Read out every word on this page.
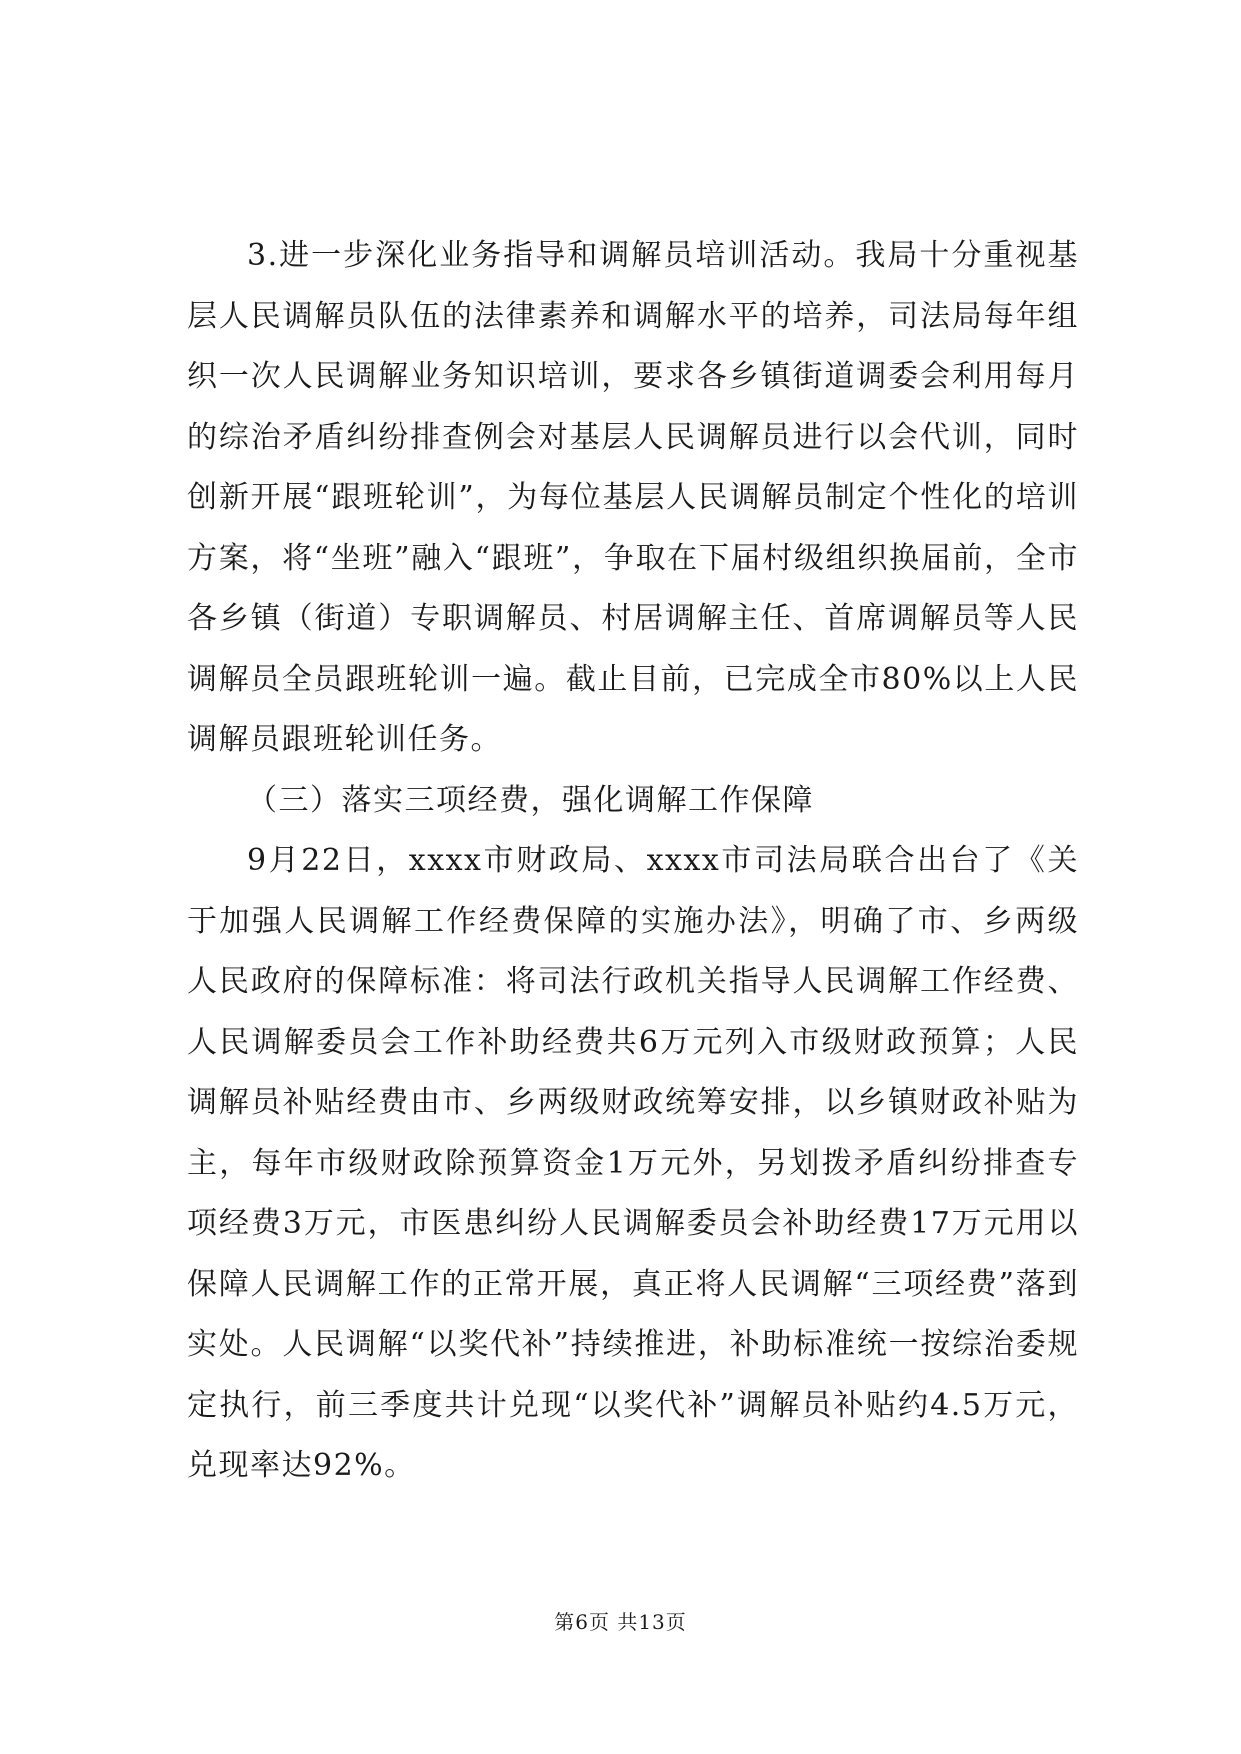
3.进一步深化业务指导和调解员培训活动。我局十分重视基层人民调解员队伍的法律素养和调解水平的培养，司法局每年组织一次人民调解业务知识培训，要求各乡镇街道调委会利用每月的综治矛盾纠纷排查例会对基层人民调解员进行以会代训，同时创新开展“跟班轮训”，为每位基层人民调解员制定个性化的培训方案，将“坐班”融入“跟班”，争取在下届村级组织换届前，全市各乡镇（街道）专职调解员、村居调解主任、首席调解员等人民调解员全员跟班轮训一遍。截止目前，已完成全市80%以上人民调解员跟班轮训任务。

（三）落实三项经费，强化调解工作保障

9月22日，xxxx市财政局、xxxx市司法局联合出台了《关于加强人民调解工作经费保障的实施办法》，明确了市、乡两级人民政府的保障标准：将司法行政机关指导人民调解工作经费、人民调解委员会工作补助经费共6万元列入市级财政预算；人民调解员补贴经费由市、乡两级财政统筹安排，以乡镇财政补贴为主，每年市级财政除预算资金1万元外，另划拨矛盾纠纷排查专项经费3万元，市医患纠纷人民调解委员会补助经费17万元用以保障人民调解工作的正常开展，真正将人民调解“三项经费”落到实处。人民调解“以奖代补”持续推进，补助标准统一按综治委规定执行，前三季度共计兑现“以奖代补”调解员补贴约4.5万元，兑现率达92%。

第6页 共13页
